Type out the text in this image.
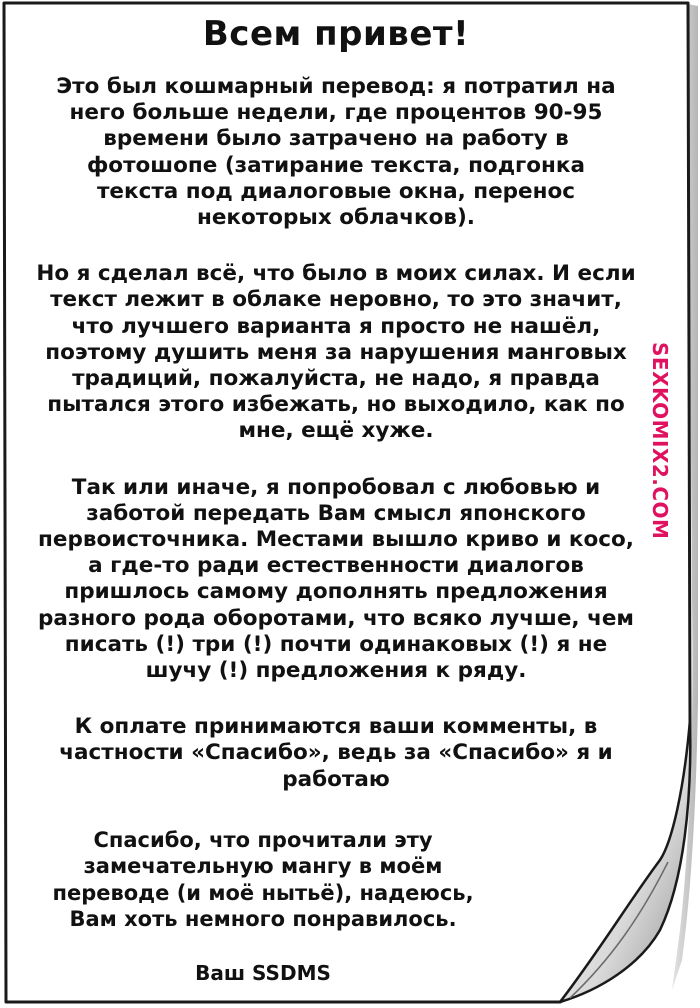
Всем привет!

Это был кошмарный перевод: я потратил на
него больше недели, где процентов 90-95
времени было затрачено на работу в
фотошопе (затирание текста, подгонка
текста под диалоговые окна, перенос
некоторых облачков).

Но я сделал всё, что было в моих силах. И если
текст лежит в облаке неровно, то это значит,
что лучшего варианта я просто не нашёл,
поэтому душить меня за нарушения манговых
традиций, пожалуйста, не надо, я правда
пытался этого избежать, но выходило, как по
мне, ещё хуже.

Так или иначе, я попробовал с любовью и
заботой передать Вам смысл японского
первоисточника. Местами вышло криво и косо,
а где-то ради естественности диалогов
пришлось самому дополнять предложения
разного рода оборотами, что всяко лучше, чем
писать (!) три (!) почти одинаковых (!) я не
шучу (!) предложения к ряду.

К оплате принимаются ваши комменты, в
частности «Спасибо», ведь за «Спасибо» я и
работаю

Спасибо, что прочитали эту
замечательную мангу в моём
переводе (и моё нытьё), надеюсь,
Вам хоть немного понравилось.

Ваш SSDMS

SEXKOMIX2.COM
